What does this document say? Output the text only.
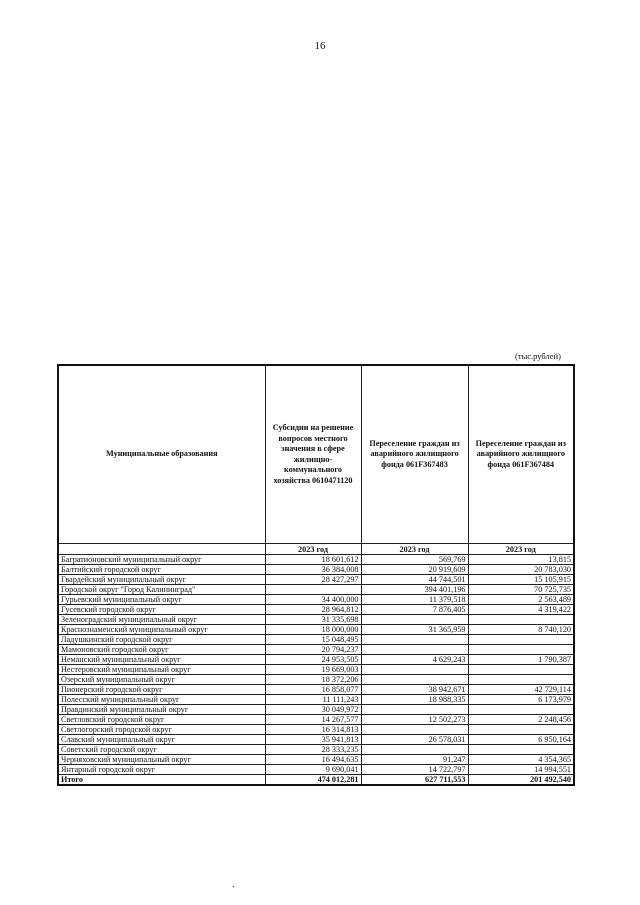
16
(тыс.рублей)
Муниципальные образования	Субсидии на решение вопросов местного значения в сфере жилищно-коммунального хозяйства 0610471120	Переселение граждан из аварийного жилищного фонда 061F367483	Переселение граждан из аварийного жилищного фонда 061F367484
	2023 год	2023 год	2023 год
Багратионовский муниципальный округ	18 601,612	569,769	13,815
Балтийский городской округ	36 384,008	20 919,609	20 783,030
Гвардейский муниципальный округ	28 427,297	44 744,501	15 105,915
Городской округ "Город Калининград"		394 401,196	70 725,735
Гурьевский муниципальный округ	34 400,000	11 379,518	2 563,489
Гусевский городской округ	28 964,812	7 876,405	4 319,422
Зеленоградский муниципальный округ	31 335,698		
Краснознаменский муниципальный округ	18 000,000	31 365,959	8 740,120
Ладушкинский городской округ	15 048,495		
Мамоновский городской округ	20 794,237		
Неманский муниципальный округ	24 953,505	4 629,243	1 790,387
Нестеровский муниципальный округ	19 669,003		
Озерский муниципальный округ	18 372,206		
Пионерский городской округ	16 858,077	38 942,671	42 729,114
Полесский муниципальный округ	11 111,243	18 988,335	6 173,979
Правдинский муниципальный округ	30 049,972		
Светловский городской округ	14 267,577	12 502,273	2 248,456
Светлогорский городской округ	16 314,813		
Славский муниципальный округ	35 941,813	26 578,031	6 950,164
Советский городской округ	28 333,235		
Черняховский муниципальный округ	16 494,635	91,247	4 354,365
Янтарный городской округ	9 690,041	14 722,797	14 994,551
Итого	474 012,281	627 711,553	201 492,540
